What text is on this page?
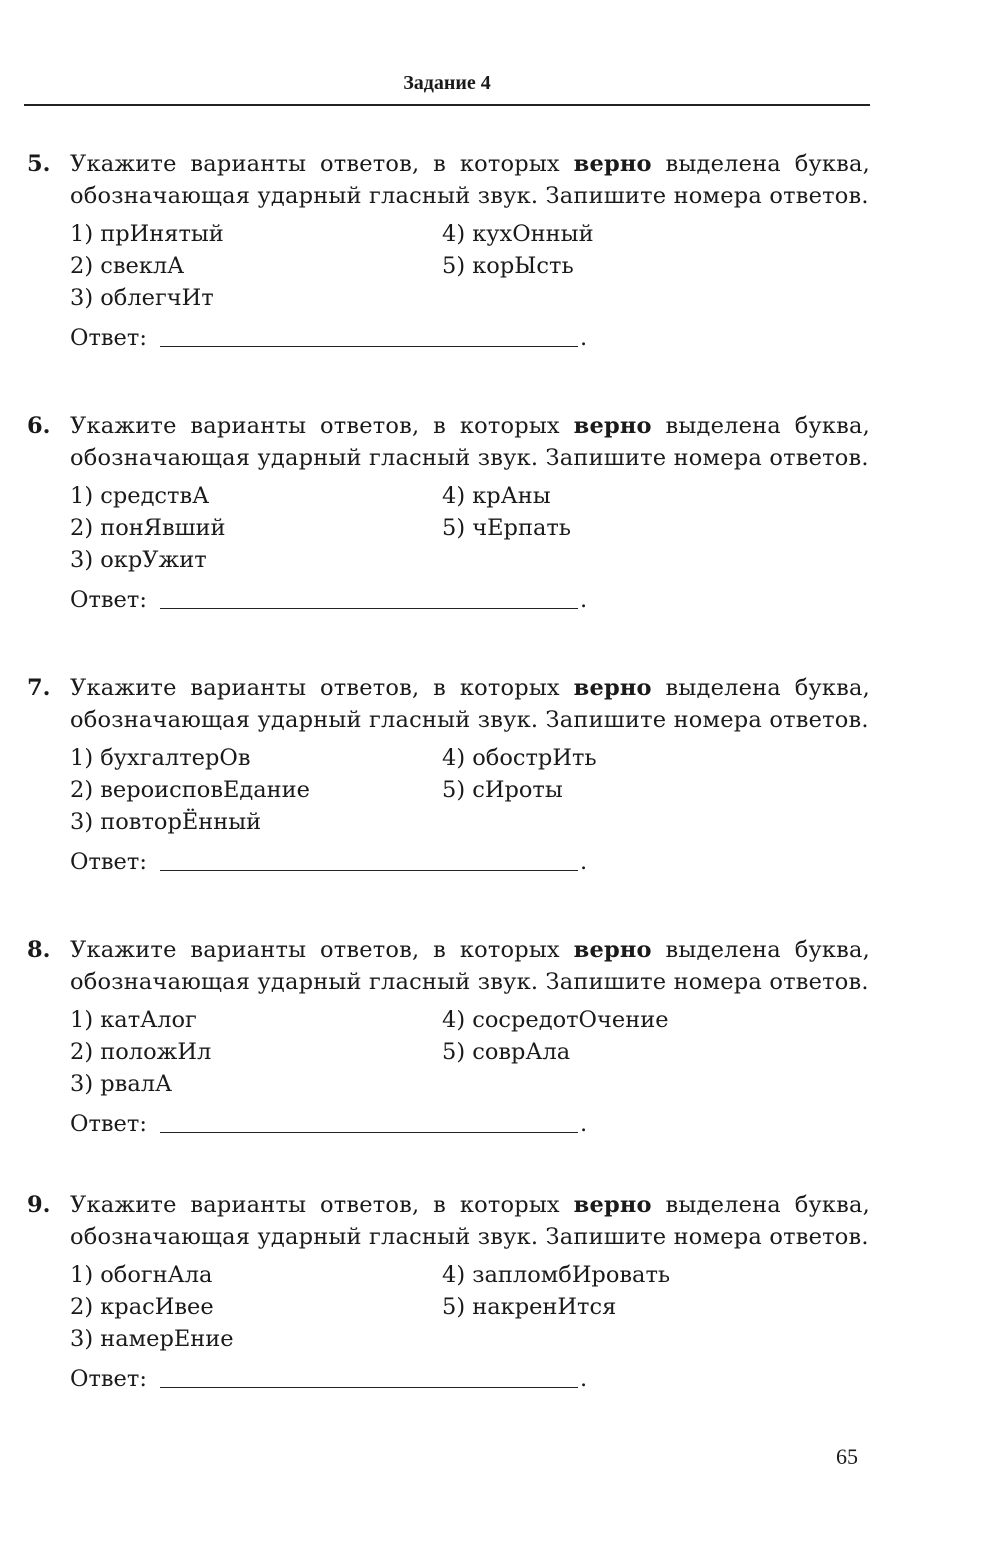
Задание 4
5. Укажите варианты ответов, в которых верно выделена буква, обозначающая ударный гласный звук. Запишите номера ответов.
1) прИнятый	4) кухОнный
2) свеклА	5) корЫсть
3) облегчИт
Ответ:	.
6. Укажите варианты ответов, в которых верно выделена буква, обозначающая ударный гласный звук. Запишите номера ответов.
1) средствА	4) крАны
2) понЯвший	5) чЕрпать
3) окрУжит
Ответ:	.
7. Укажите варианты ответов, в которых верно выделена буква, обозначающая ударный гласный звук. Запишите номера ответов.
1) бухгалтерОв	4) обострИть
2) вероисповЕдание	5) сИроты
3) повторЁнный
Ответ:	.
8. Укажите варианты ответов, в которых верно выделена буква, обозначающая ударный гласный звук. Запишите номера ответов.
1) катАлог	4) сосредотОчение
2) положИл	5) соврАла
3) рвалА
Ответ:	.
9. Укажите варианты ответов, в которых верно выделена буква, обозначающая ударный гласный звук. Запишите номера ответов.
1) обогнАла	4) запломбИровать
2) красИвее	5) накренИтся
3) намерЕние
Ответ:	.
65
